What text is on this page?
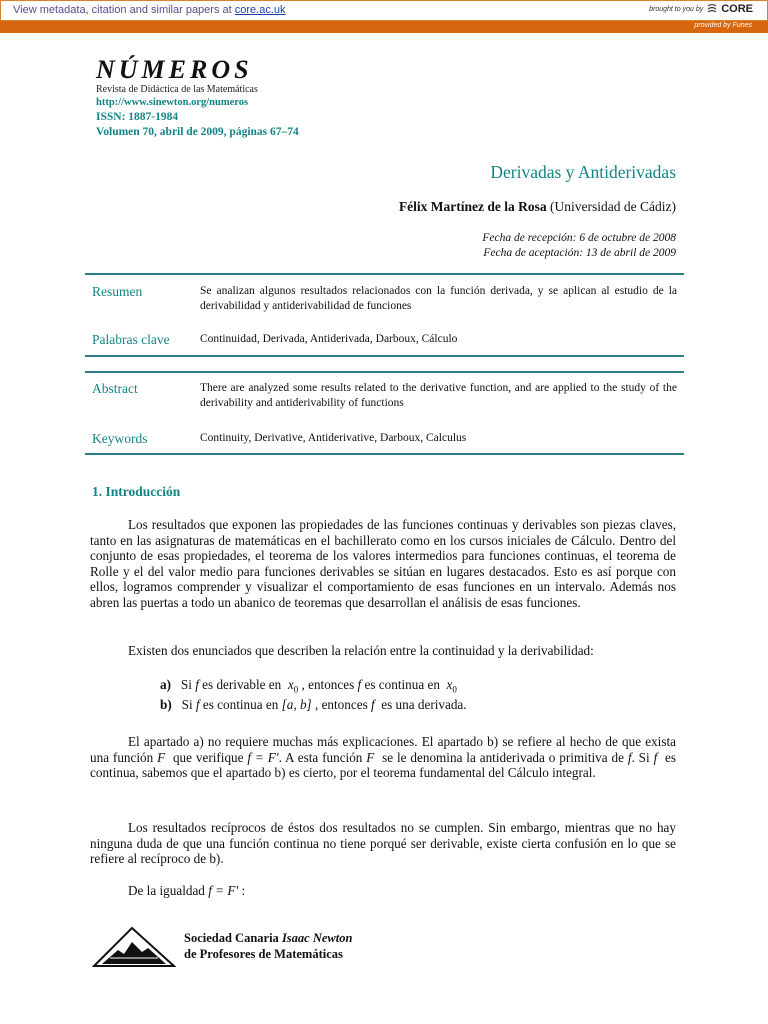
View metadata, citation and similar papers at core.ac.uk	brought to you by CORE
provided by Funes
NÚMEROS
Revista de Didáctica de las Matemáticas
http://www.sinewton.org/numeros
ISSN: 1887-1984
Volumen 70, abril de 2009, páginas 67–74
Derivadas y Antiderivadas
Félix Martínez de la Rosa (Universidad de Cádiz)
Fecha de recepción: 6 de octubre de 2008
Fecha de aceptación: 13 de abril de 2009
Resumen	Se analizan algunos resultados relacionados con la función derivada, y se aplican al estudio de la derivabilidad y antiderivabilidad de funciones
Palabras clave	Continuidad, Derivada, Antiderivada, Darboux, Cálculo
Abstract	There are analyzed some results related to the derivative function, and are applied to the study of the derivability and antiderivability of functions
Keywords	Continuity, Derivative, Antiderivative, Darboux, Calculus
1. Introducción
Los resultados que exponen las propiedades de las funciones continuas y derivables son piezas claves, tanto en las asignaturas de matemáticas en el bachillerato como en los cursos iniciales de Cálculo. Dentro del conjunto de esas propiedades, el teorema de los valores intermedios para funciones continuas, el teorema de Rolle y el del valor medio para funciones derivables se sitúan en lugares destacados. Esto es así porque con ellos, logramos comprender y visualizar el comportamiento de esas funciones en un intervalo. Además nos abren las puertas a todo un abanico de teoremas que desarrollan el análisis de esas funciones.
Existen dos enunciados que describen la relación entre la continuidad y la derivabilidad:
a) Si f es derivable en $x_0$ , entonces f es continua en $x_0$
b) Si f es continua en [a, b] , entonces f es una derivada.
El apartado a) no requiere muchas más explicaciones. El apartado b) se refiere al hecho de que exista una función F que verifique f = F'. A esta función F se le denomina la antiderivada o primitiva de f. Si f es continua, sabemos que el apartado b) es cierto, por el teorema fundamental del Cálculo integral.
Los resultados recíprocos de éstos dos resultados no se cumplen. Sin embargo, mientras que no hay ninguna duda de que una función continua no tiene porqué ser derivable, existe cierta confusión en lo que se refiere al recíproco de b).
De la igualdad f = F' :
Sociedad Canaria Isaac Newton
de Profesores de Matemáticas
